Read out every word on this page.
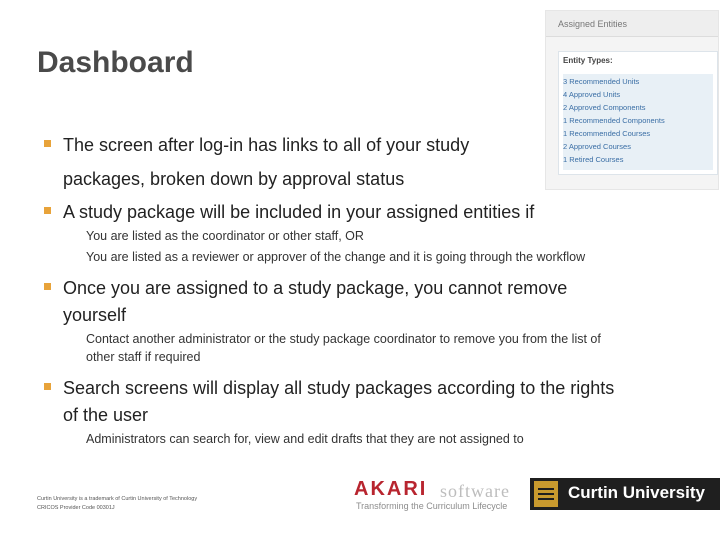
Dashboard
Assigned Entities
Entity Types:
3 Recommended Units
4 Approved Units
2 Approved Components
1 Recommended Components
1 Recommended Courses
2 Approved Courses
1 Retired Courses
The screen after log-in has links to all of your study
packages, broken down by approval status
A study package will be included in your assigned entities if
You are listed as the coordinator or other staff, OR
You are listed as a reviewer or approver of the change and it is going through the workflow
Once you are assigned to a study package, you cannot remove
yourself
Contact another administrator or the study package coordinator to remove you from the list of
other staff if required
Search screens will display all study packages according to the rights
of the user
Administrators can search for, view and edit drafts that they are not assigned to
Curtin University is a trademark of Curtin University of Technology
CRICOS Provider Code 00301J
AKARI software
Transforming the Curriculum Lifecycle
Curtin University
